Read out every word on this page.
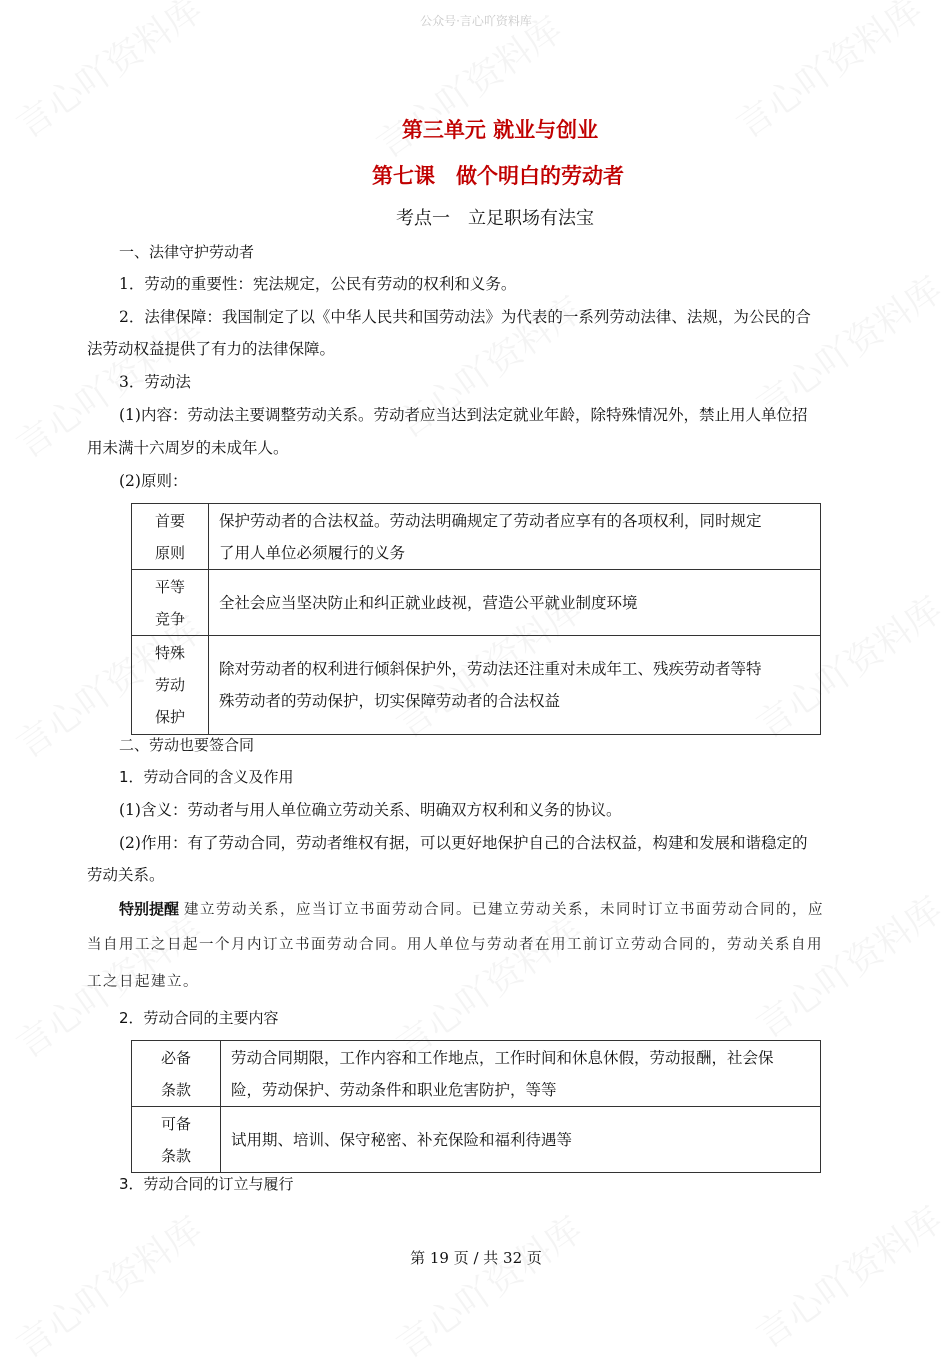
公众号·言心吖资料库
第三单元 就业与创业
第七课　做个明白的劳动者
考点一　立足职场有法宝
一、法律守护劳动者
1．劳动的重要性：宪法规定，公民有劳动的权利和义务。
2．法律保障：我国制定了以《中华人民共和国劳动法》为代表的一系列劳动法律、法规，为公民的合
法劳动权益提供了有力的法律保障。
3．劳动法
(1)内容：劳动法主要调整劳动关系。劳动者应当达到法定就业年龄，除特殊情况外，禁止用人单位招
用未满十六周岁的未成年人。
(2)原则：
首要
原则	保护劳动者的合法权益。劳动法明确规定了劳动者应享有的各项权利，同时规定
了用人单位必须履行的义务
平等
竞争	全社会应当坚决防止和纠正就业歧视，营造公平就业制度环境
特殊
劳动
保护	除对劳动者的权利进行倾斜保护外，劳动法还注重对未成年工、残疾劳动者等特
殊劳动者的劳动保护，切实保障劳动者的合法权益
二、劳动也要签合同
1．劳动合同的含义及作用
(1)含义：劳动者与用人单位确立劳动关系、明确双方权利和义务的协议。
(2)作用：有了劳动合同，劳动者维权有据，可以更好地保护自己的合法权益，构建和发展和谐稳定的
劳动关系。
特别提醒 建立劳动关系，应当订立书面劳动合同。已建立劳动关系，未同时订立书面劳动合同的，应
当自用工之日起一个月内订立书面劳动合同。用人单位与劳动者在用工前订立劳动合同的，劳动关系自用
工之日起建立。
2．劳动合同的主要内容
必备
条款	劳动合同期限，工作内容和工作地点，工作时间和休息休假，劳动报酬，社会保
险，劳动保护、劳动条件和职业危害防护，等等
可备
条款	试用期、培训、保守秘密、补充保险和福利待遇等
3．劳动合同的订立与履行
第 19 页 / 共 32 页
